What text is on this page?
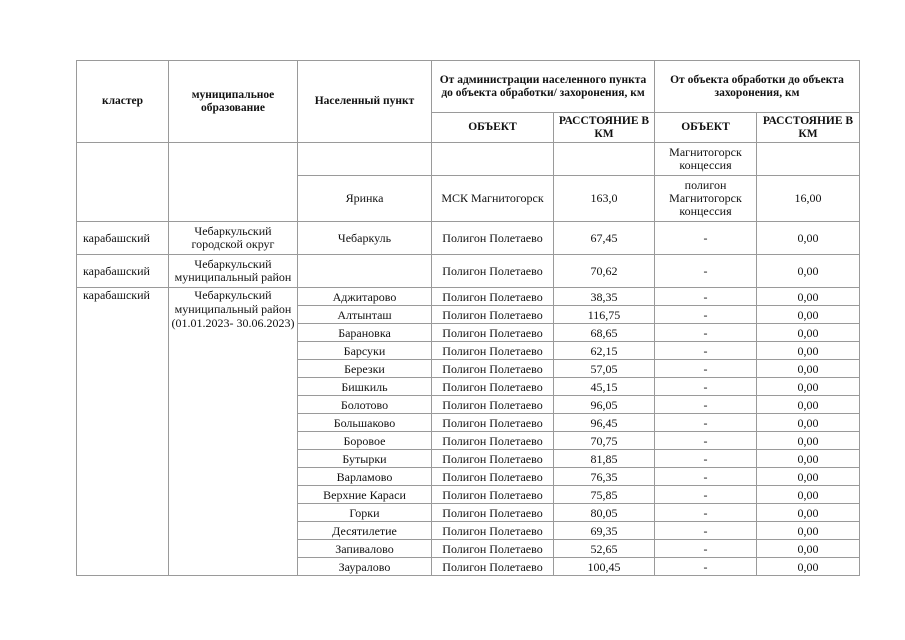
кластер	муниципальное образование	Населенный пункт	От администрации населенного пункта до объекта обработки/ захоронения, км		От объекта обработки до объекта захоронения, км	
			ОБЪЕКТ	РАССТОЯНИЕ В КМ	ОБЪЕКТ	РАССТОЯНИЕ В КМ
					Магнитогорск концессия	
		Яринка	МСК Магнитогорск	163,0	полигон Магнитогорск концессия	16,00
карабашский	Чебаркульский городской округ	Чебаркуль	Полигон Полетаево	67,45	-	0,00
карабашский	Чебаркульский муниципальный район		Полигон Полетаево	70,62	-	0,00
карабашский	Чебаркульский муниципальный район (01.01.2023- 30.06.2023)	Аджитарово	Полигон Полетаево	38,35	-	0,00
		Алтынташ	Полигон Полетаево	116,75	-	0,00
		Барановка	Полигон Полетаево	68,65	-	0,00
		Барсуки	Полигон Полетаево	62,15	-	0,00
		Березки	Полигон Полетаево	57,05	-	0,00
		Бишкиль	Полигон Полетаево	45,15	-	0,00
		Болотово	Полигон Полетаево	96,05	-	0,00
		Большаково	Полигон Полетаево	96,45	-	0,00
		Боровое	Полигон Полетаево	70,75	-	0,00
		Бутырки	Полигон Полетаево	81,85	-	0,00
		Варламово	Полигон Полетаево	76,35	-	0,00
		Верхние Караси	Полигон Полетаево	75,85	-	0,00
		Горки	Полигон Полетаево	80,05	-	0,00
		Десятилетие	Полигон Полетаево	69,35	-	0,00
		Запивалово	Полигон Полетаево	52,65	-	0,00
		Зауралово	Полигон Полетаево	100,45	-	0,00
